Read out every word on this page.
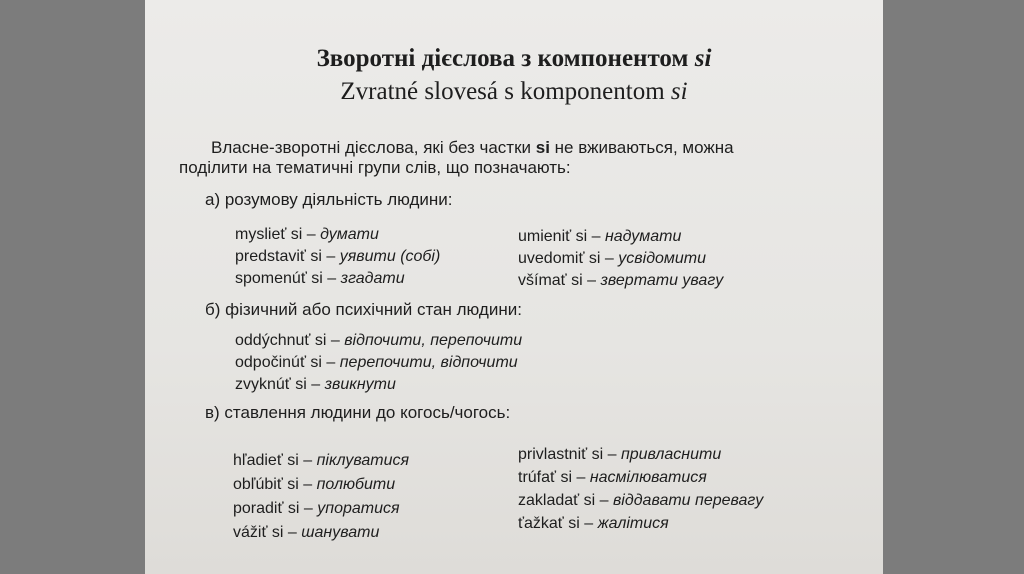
Зворотні дієслова з компонентом si
Zvratné slovesá s komponentom si
Власне-зворотні дієслова, які без частки si не вживаються, можна
поділити на тематичні групи слів, що позначають:
а) розумову діяльність людини:
myslieť si – думати
predstaviť si – уявити (собі)
spomenúť si – згадати
umieniť si – надумати
uvedomiť si – усвідомити
všímať si – звертати увагу
б) фізичний або психічний стан людини:
oddýchnuť si – відпочити, перепочити
odpočinúť si – перепочити, відпочити
zvyknúť si – звикнути
в) ставлення людини до когось/чогось:
hľadieť si – піклуватися
obľúbiť si – полюбити
poradiť si – упоратися
vážiť si – шанувати
privlastniť si – привласнити
trúfať si – насмілюватися
zakladať si – віддавати перевагу
ťažkať si – жалітися
